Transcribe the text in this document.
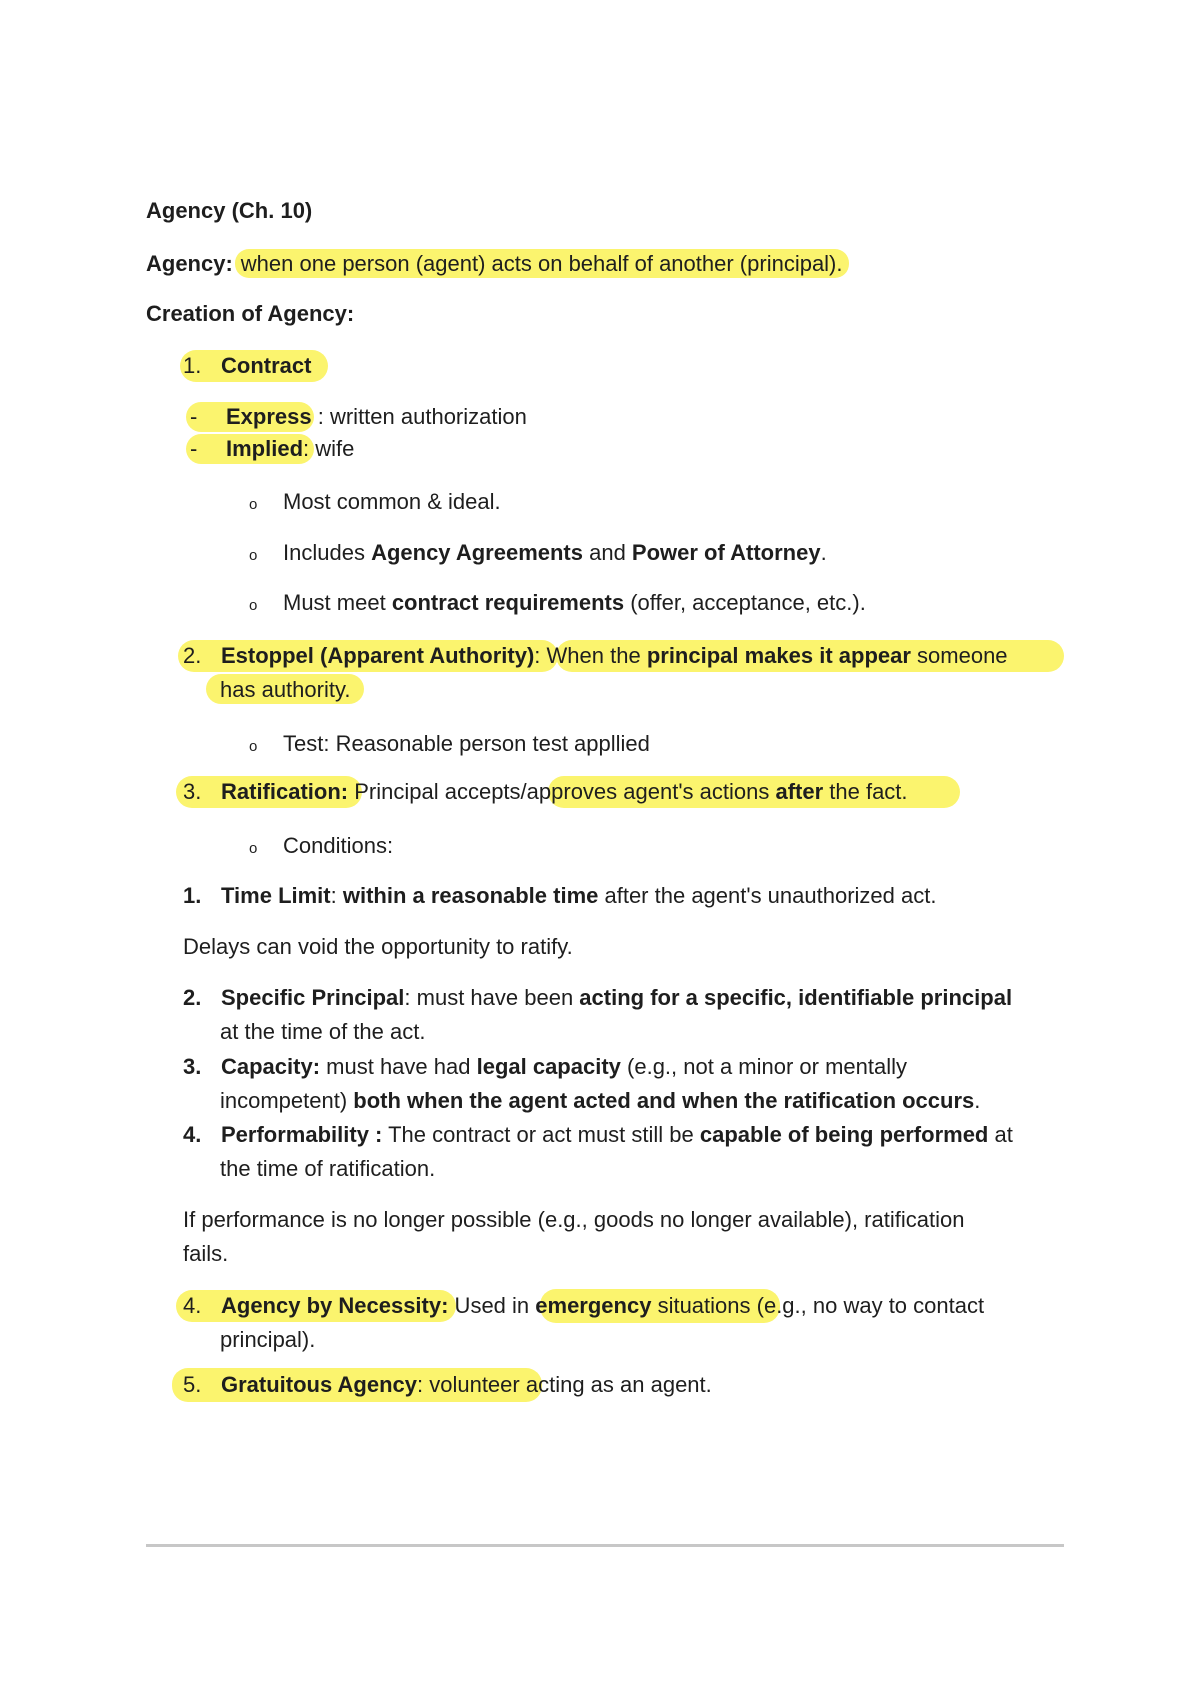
Agency (Ch. 10)
Agency: when one person (agent) acts on behalf of another (principal).
Creation of Agency:
1. Contract
- Express : written authorization
- Implied: wife
o Most common & ideal.
o Includes Agency Agreements and Power of Attorney.
o Must meet contract requirements (offer, acceptance, etc.).
2. Estoppel (Apparent Authority): When the principal makes it appear someone
has authority.
o Test: Reasonable person test appllied
3. Ratification: Principal accepts/approves agent's actions after the fact.
o Conditions:
1. Time Limit: within a reasonable time after the agent's unauthorized act.
Delays can void the opportunity to ratify.
2. Specific Principal: must have been acting for a specific, identifiable principal
at the time of the act.
3. Capacity: must have had legal capacity (e.g., not a minor or mentally
incompetent) both when the agent acted and when the ratification occurs.
4. Performability : The contract or act must still be capable of being performed at
the time of ratification.
If performance is no longer possible (e.g., goods no longer available), ratification
fails.
4. Agency by Necessity: Used in emergency situations (e.g., no way to contact
principal).
5. Gratuitous Agency: volunteer acting as an agent.
